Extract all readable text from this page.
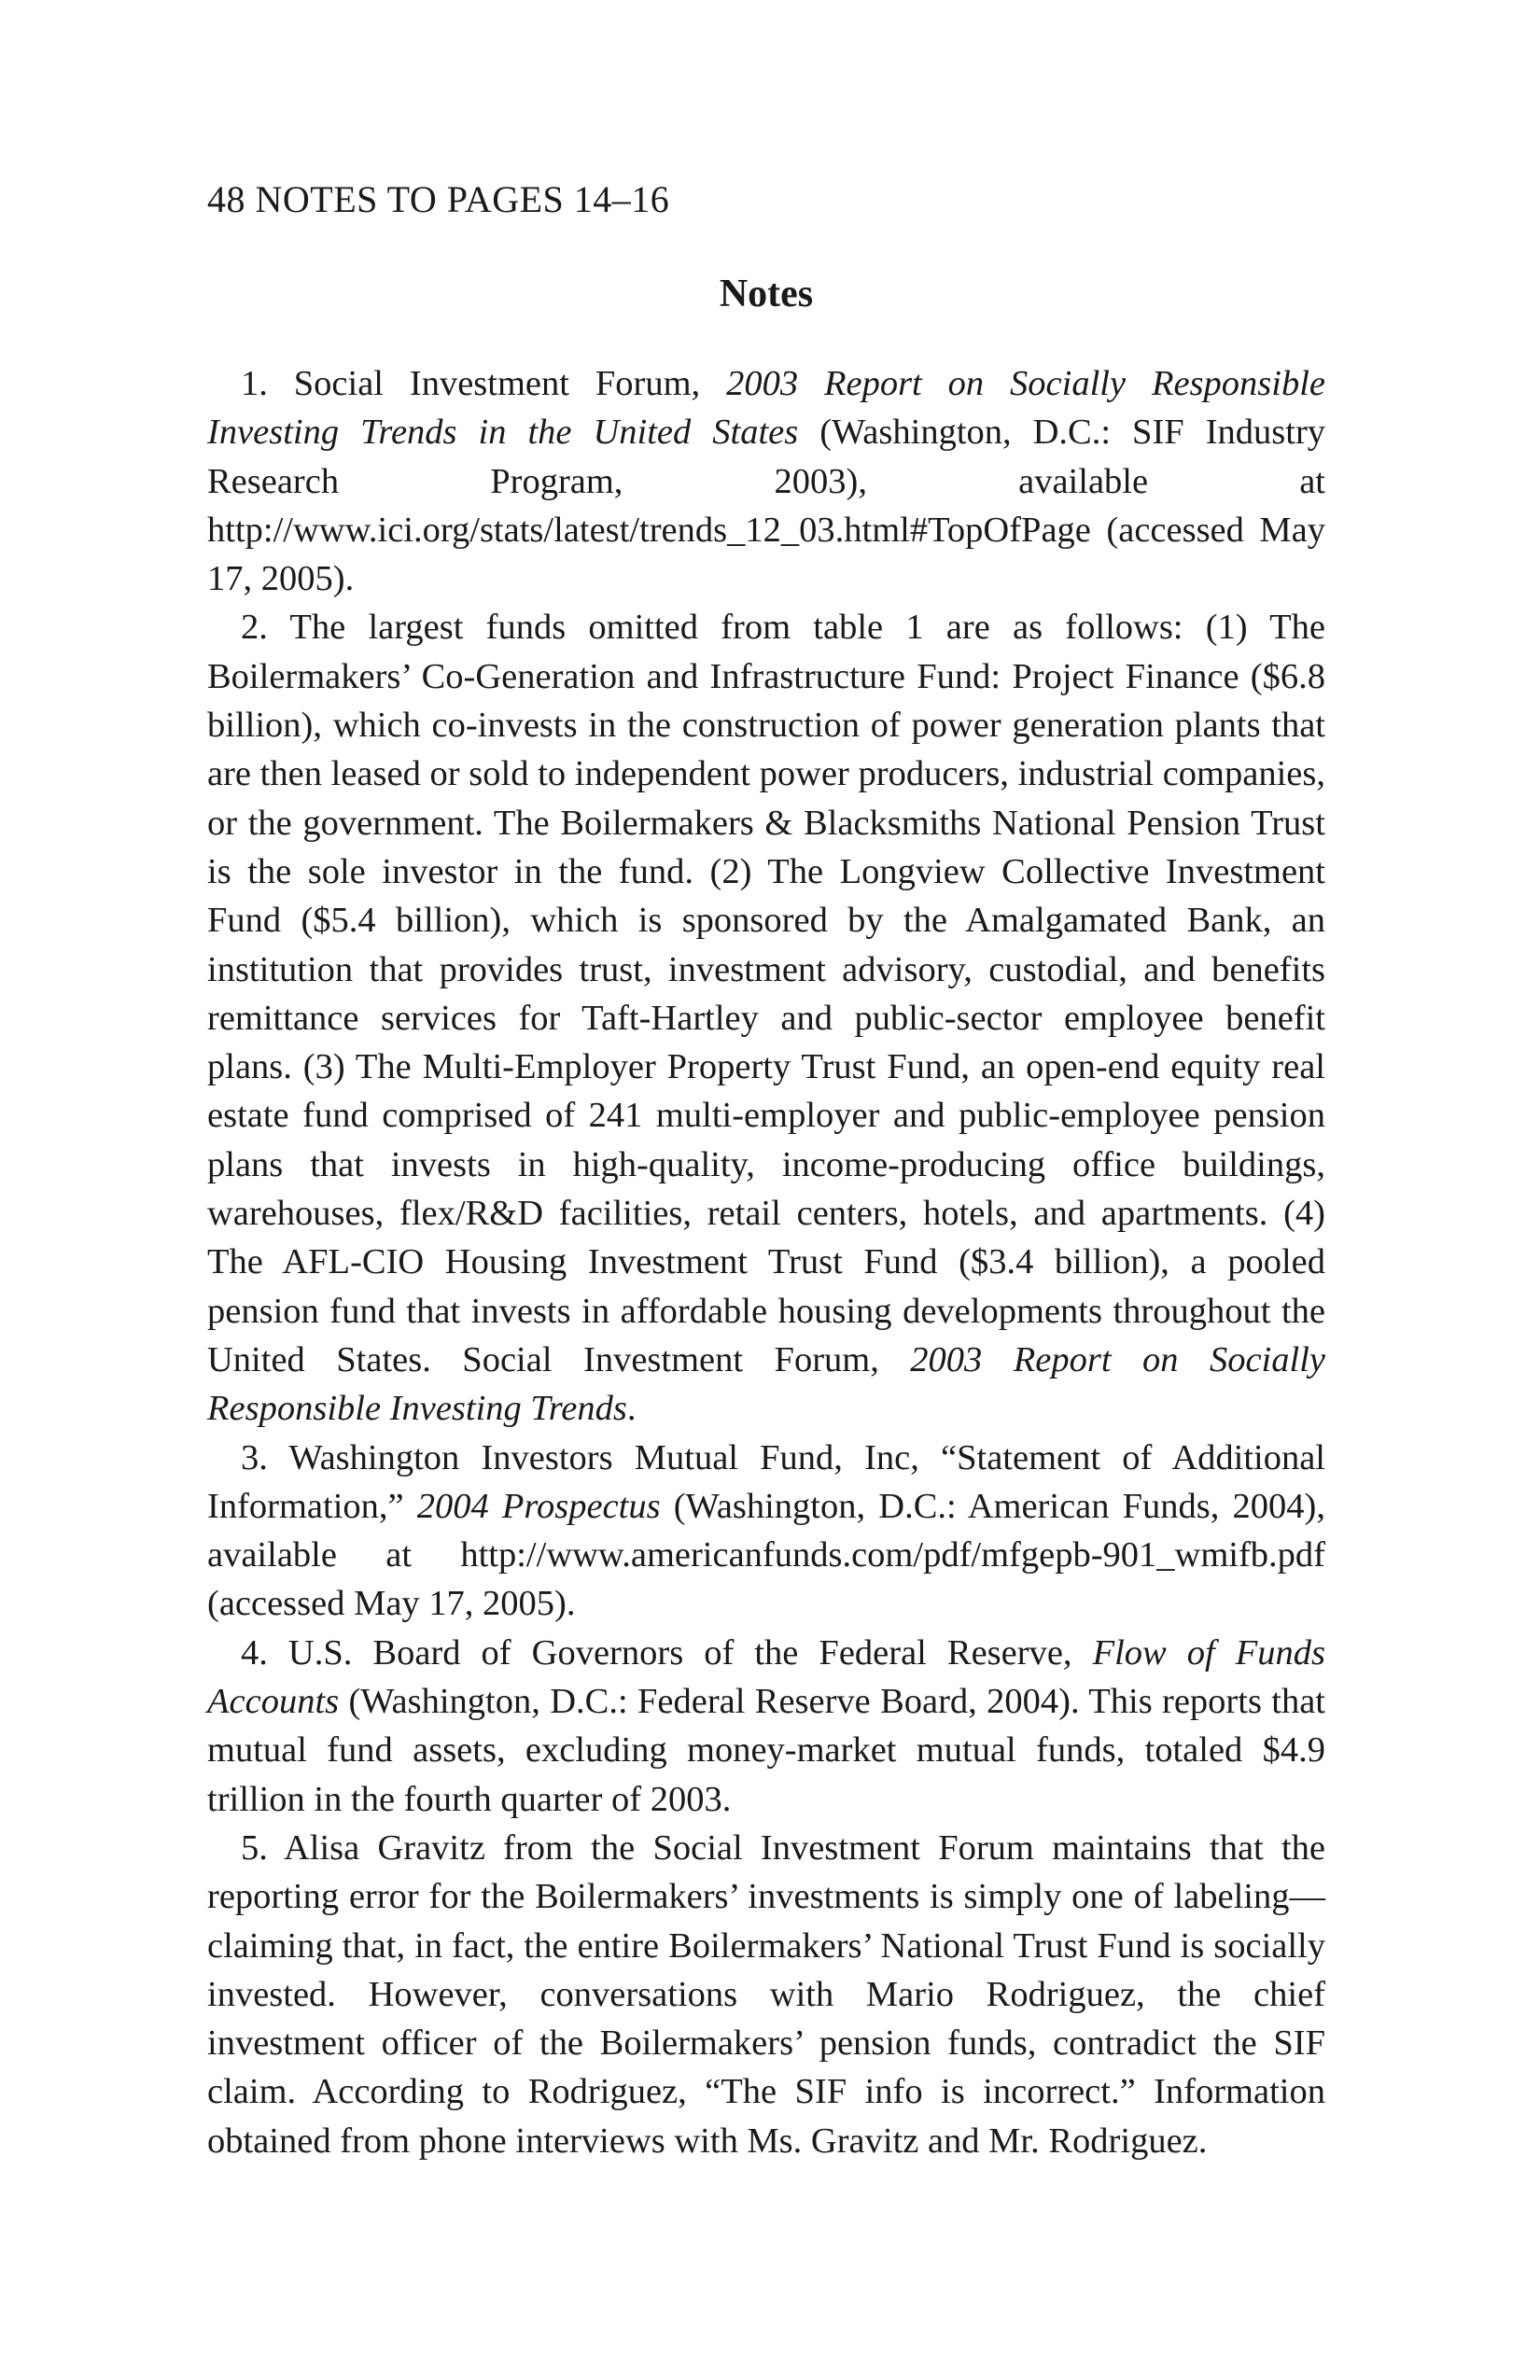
48 NOTES TO PAGES 14–16
Notes

1. Social Investment Forum, 2003 Report on Socially Responsible Investing Trends in the United States (Washington, D.C.: SIF Industry Research Program, 2003), available at http://www.ici.org/stats/latest/trends_12_03.html#TopOfPage (accessed May 17, 2005).

2. The largest funds omitted from table 1 are as follows: (1) The Boilermakers’ Co-Generation and Infrastructure Fund: Project Finance ($6.8 billion), which co-invests in the construction of power generation plants that are then leased or sold to independent power producers, industrial companies, or the government. The Boilermakers & Blacksmiths National Pension Trust is the sole investor in the fund. (2) The Longview Collective Investment Fund ($5.4 billion), which is sponsored by the Amalgamated Bank, an institution that provides trust, investment advisory, custodial, and benefits remittance services for Taft-Hartley and public-sector employee benefit plans. (3) The Multi-Employer Property Trust Fund, an open-end equity real estate fund comprised of 241 multi-employer and public-employee pension plans that invests in high-quality, income-producing office buildings, warehouses, flex/R&D facilities, retail centers, hotels, and apartments. (4) The AFL-CIO Housing Investment Trust Fund ($3.4 billion), a pooled pension fund that invests in affordable housing developments throughout the United States. Social Investment Forum, 2003 Report on Socially Responsible Investing Trends.

3. Washington Investors Mutual Fund, Inc, “Statement of Additional Information,” 2004 Prospectus (Washington, D.C.: American Funds, 2004), available at http://www.americanfunds.com/pdf/mfgepb-901_wmifb.pdf (accessed May 17, 2005).

4. U.S. Board of Governors of the Federal Reserve, Flow of Funds Accounts (Washington, D.C.: Federal Reserve Board, 2004). This reports that mutual fund assets, excluding money-market mutual funds, totaled $4.9 trillion in the fourth quarter of 2003.

5. Alisa Gravitz from the Social Investment Forum maintains that the reporting error for the Boilermakers’ investments is simply one of labeling—claiming that, in fact, the entire Boilermakers’ National Trust Fund is socially invested. However, conversations with Mario Rodriguez, the chief investment officer of the Boilermakers’ pension funds, contradict the SIF claim. According to Rodriguez, “The SIF info is incorrect.” Information obtained from phone interviews with Ms. Gravitz and Mr. Rodriguez.
